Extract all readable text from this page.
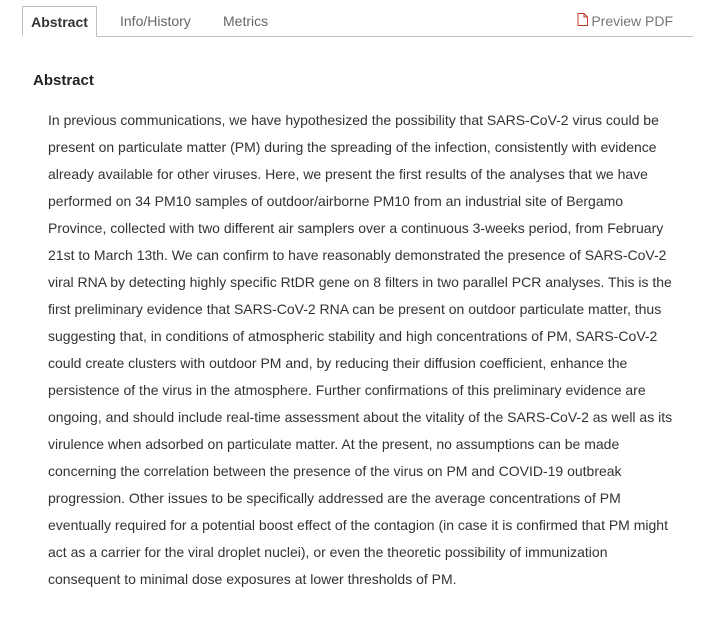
Abstract	Info/History Metrics	Preview PDF
Abstract

In previous communications, we have hypothesized the possibility that SARS-CoV-2 virus could be present on particulate matter (PM) during the spreading of the infection, consistently with evidence already available for other viruses. Here, we present the first results of the analyses that we have performed on 34 PM10 samples of outdoor/airborne PM10 from an industrial site of Bergamo Province, collected with two different air samplers over a continuous 3-weeks period, from February 21st to March 13th. We can confirm to have reasonably demonstrated the presence of SARS-CoV-2 viral RNA by detecting highly specific RtDR gene on 8 filters in two parallel PCR analyses. This is the first preliminary evidence that SARS-CoV-2 RNA can be present on outdoor particulate matter, thus suggesting that, in conditions of atmospheric stability and high concentrations of PM, SARS-CoV-2 could create clusters with outdoor PM and, by reducing their diffusion coefficient, enhance the persistence of the virus in the atmosphere. Further confirmations of this preliminary evidence are ongoing, and should include real-time assessment about the vitality of the SARS-CoV-2 as well as its virulence when adsorbed on particulate matter. At the present, no assumptions can be made concerning the correlation between the presence of the virus on PM and COVID-19 outbreak progression. Other issues to be specifically addressed are the average concentrations of PM eventually required for a potential boost effect of the contagion (in case it is confirmed that PM might act as a carrier for the viral droplet nuclei), or even the theoretic possibility of immunization consequent to minimal dose exposures at lower thresholds of PM.
